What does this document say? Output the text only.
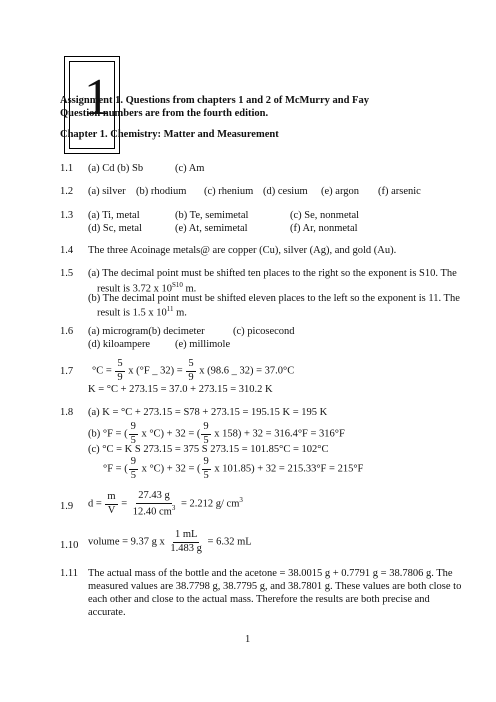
1
Assignment 1. Questions from chapters 1 and 2 of McMurry and Fay
Question numbers are from the fourth edition.
Chapter 1. Chemistry: Matter and Measurement
1.1 (a) Cd (b) Sb	(c) Am
1.2 (a) silver (b) rhodium (c) rhenium (d) cesium (e) argon (f) arsenic
1.3 (a) Ti, metal	(b) Te, semimetal	(c) Se, nonmetal
(d) Sc, metal	(e) At, semimetal	(f) Ar, nonmetal
1.4 The three Acoinage metals@ are copper (Cu), silver (Ag), and gold (Au).
1.5 (a) The decimal point must be shifted ten places to the right so the exponent is S10. The
result is 3.72 x $10^{S10}$ m.
(b) The decimal point must be shifted eleven places to the left so the exponent is 11. The
result is 1.5 x $10^{11}$ m.
1.6 (a) microgram(b) decimeter	(c) picosecond
(d) kiloampere (e) millimole
1.7 $^\circ C = \frac{5}{9}$ x (°F _ $32) = \frac{5}{9}$ x (98.6 _ 32) = 37.0°C
K = °C + 273.15 = 37.0 + 273.15 = 310.2 K
1.8 (a) K = °C + 273.15 = S78 + 273.15 = 195.15 K = 195 K
(b) °F = ( $\frac{9}{5}$ x °C) + 32 = ( $\frac{9}{5}$ x 158) + 32 = 316.4°F = 316°F
(c) °C = K S 273.15 = 375 S 273.15 = 101.85°C = 102°C
°F = ( $\frac{9}{5}$ x °C) + 32 = ( $\frac{9}{5}$ x 101.85) + 32 = 215.33°F = 215°F
1.9 $d = \frac{m}{V} = \frac{27.43 g}{12.40 cm^3} = 2.212$ g/ $cm^3$
1.10 volume = 9.37 g x $\frac{1 mL}{1.483 g} = 6.32$ mL
1.11 The actual mass of the bottle and the acetone = 38.0015 g + 0.7791 g = 38.7806 g. The
measured values are 38.7798 g, 38.7795 g, and 38.7801 g. These values are both close to
each other and close to the actual mass. Therefore the results are both precise and
accurate.
1
